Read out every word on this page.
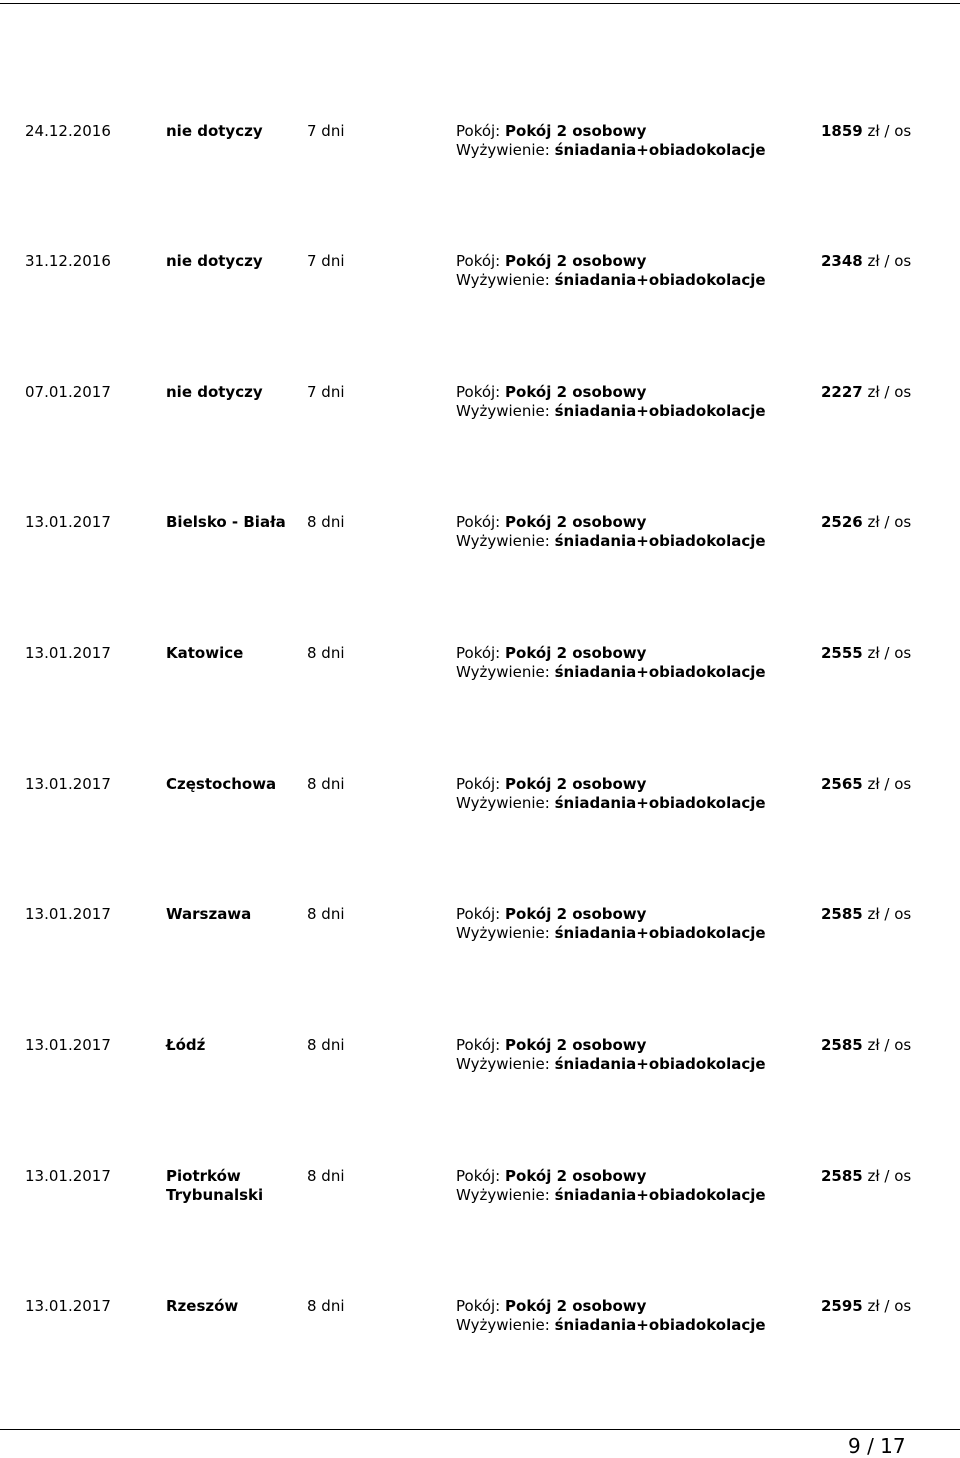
24.12.2016	nie dotyczy	7 dni	Pokój: Pokój 2 osobowy
Wyżywienie: śniadania+obiadokolacje
1859 zł / os
31.12.2016	nie dotyczy	7 dni	Pokój: Pokój 2 osobowy
Wyżywienie: śniadania+obiadokolacje
2348 zł / os
07.01.2017	nie dotyczy	7 dni	Pokój: Pokój 2 osobowy
Wyżywienie: śniadania+obiadokolacje
2227 zł / os
13.01.2017	Bielsko - Biała	8 dni	Pokój: Pokój 2 osobowy
Wyżywienie: śniadania+obiadokolacje
2526 zł / os
13.01.2017	Katowice	8 dni	Pokój: Pokój 2 osobowy
Wyżywienie: śniadania+obiadokolacje
2555 zł / os
13.01.2017	Częstochowa	8 dni	Pokój: Pokój 2 osobowy
Wyżywienie: śniadania+obiadokolacje
2565 zł / os
13.01.2017	Warszawa	8 dni	Pokój: Pokój 2 osobowy
Wyżywienie: śniadania+obiadokolacje
2585 zł / os
13.01.2017	Łódź	8 dni	Pokój: Pokój 2 osobowy
Wyżywienie: śniadania+obiadokolacje
2585 zł / os
13.01.2017	Piotrków Trybunalski
8 dni	Pokój: Pokój 2 osobowy
Wyżywienie: śniadania+obiadokolacje
2585 zł / os
13.01.2017	Rzeszów	8 dni	Pokój: Pokój 2 osobowy
Wyżywienie: śniadania+obiadokolacje
2595 zł / os
9 / 17
